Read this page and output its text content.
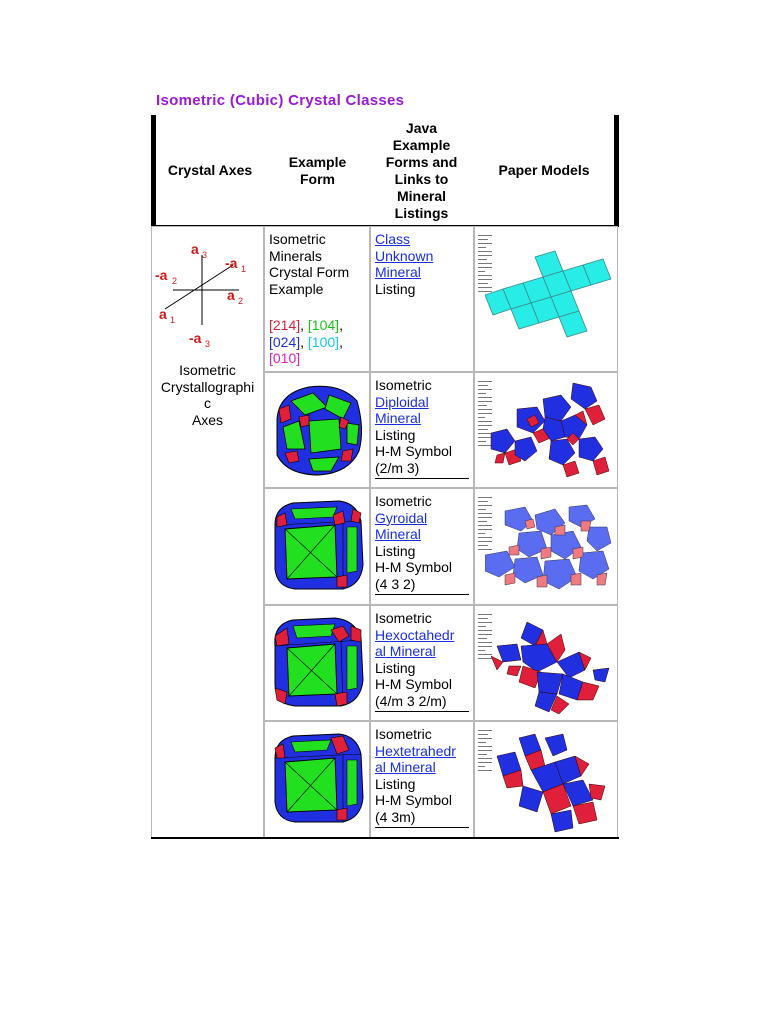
Isometric (Cubic) Crystal Classes
Crystal Axes
Example
Form
Java
Example
Forms and
Links to
Mineral
Listings
Paper Models
a 3 -a 1
-a 2
a 2
a 1
-a 3
Isometric
Crystallographi
c
Axes
Isometric
Minerals
Crystal Form
Example
[214], [104],
[024], [100],
[010]
Class
Unknown
Mineral
Listing
Isometric
Diploidal
Mineral
Listing
H-M Symbol
(2/m 3)
Isometric
Gyroidal
Mineral
Listing
H-M Symbol
(4 3 2)
Isometric
Hexoctahedr
al Mineral
Listing
H-M Symbol
(4/m 3 2/m)
Isometric
Hextetrahedr
al Mineral
Listing
H-M Symbol
(4 3m)
